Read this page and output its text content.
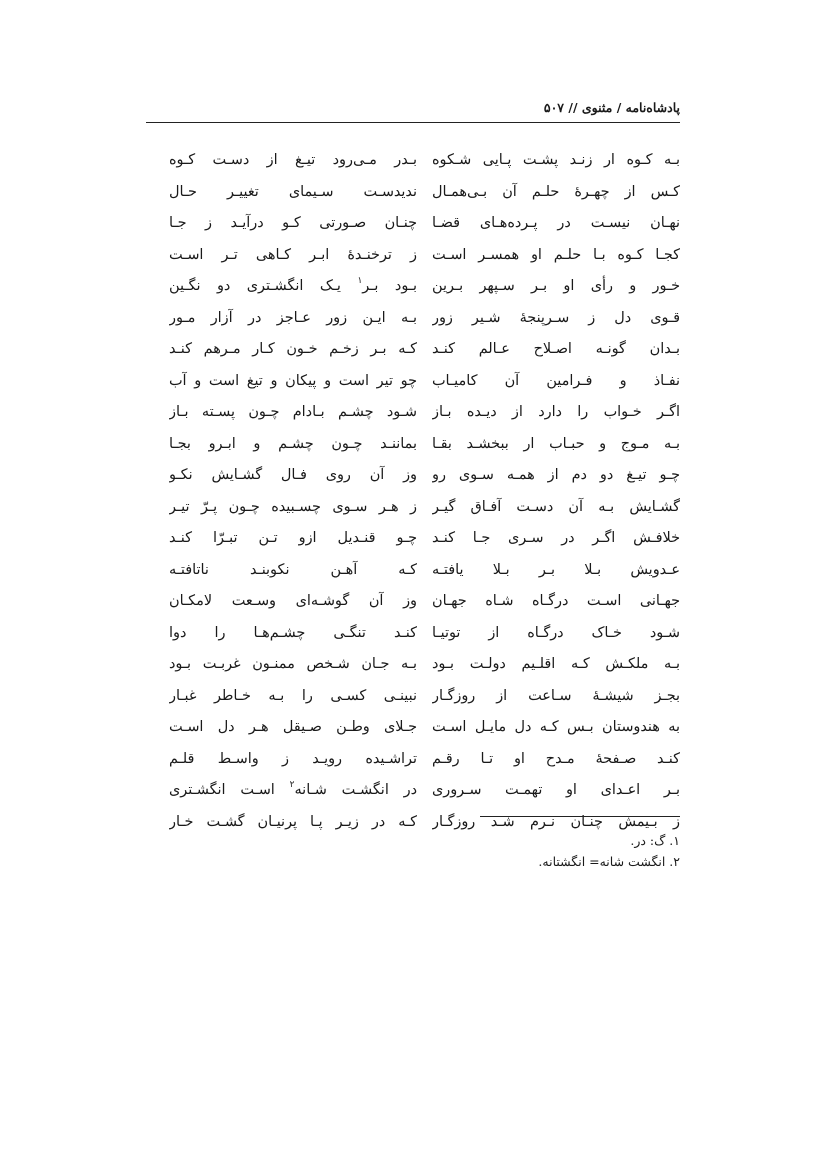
پادشاه‌نامه / مثنوی // ۵۰۷
بـه کـوه ار زنـد پشـت پـایی شـکوه
کـس از چهـرهٔ حلـم آن بـی‌همـال
نهـان نیسـت در پـرده‌هـای قضـا
کجـا کـوه بـا حلـم او همسـر اسـت
خـور و رأی او بـر سـپهر بـرین
قـوی دل ز سـرپنجهٔ شـیر زور
بـدان گونـه اصـلاح عـالم کنـد
نفـاذ و فـرامین آن کامیـاب
اگـر خـواب را دارد از دیـده بـاز
بـه مـوج و حبـاب ار ببخشـد بقـا
چـو تیـغ دو دم از همـه سـوی رو
گشـایش بـه آن دسـت آفـاق گیـر
خلافـش اگـر در سـری جـا کنـد
عـدویش بـلا بـر بـلا یافتـه
جهـانی اسـت درگـاه شـاه جهـان
شـود خـاک درگـاه از توتیـا
بـه ملکـش کـه اقلـیم دولـت بـود
بجـز شیشـهٔ سـاعت از روزگـار
به هندوستان بـس کـه دل مایـل اسـت
کنـد صـفحهٔ مـدح او تـا رقـم
بـر اعـدای او تهمـت سـروری
ز بـیمش چنـان نـرم شـد روزگـار
بـدر مـی‌رود تیـغ از دسـت کـوه
ندیدسـت سـیمای تغییـر حـال
چنـان صـورتی کـو درآیـد ز جـا
ز ترخنـدهٔ ابـر کـاهی تـر اسـت
بـود بـر$^۱$ یـک انگشـتری دو نگـین
بـه ایـن زور عـاجز در آزار مـور
کـه بـر زخـم خـون کـار مـرهم کنـد
چو تیر است و پیکان و تیغ است و آب
شـود چشـم بـادام چـون پسـته بـاز
بماننـد چـون چشـم و ابـرو بجـا
وز آن روی فـال گشـایش نکـو
ز هـر سـوی چسـبیده چـون پـرّ تیـر
چـو قنـدیل ازو تـن تبـرّا کنـد
کـه آهـن نکوبنـد ناتافتـه
وز آن گوشـه‌ای وسـعت لامکـان
کنـد تنگـی چشـم‌هـا را دوا
بـه جـان شـخص ممنـون غربـت بـود
نبینـی کسـی را بـه خـاطر غبـار
جـلای وطـن صـیقل هـر دل اسـت
تراشـیده رویـد ز واسـط قلـم
در انگشـت شـانه$^۲$ اسـت انگشـتری
کـه در زیـر پـا پرنیـان گشـت خـار
۱. گ: در.
۲. انگشت شانه= انگشتانه.
